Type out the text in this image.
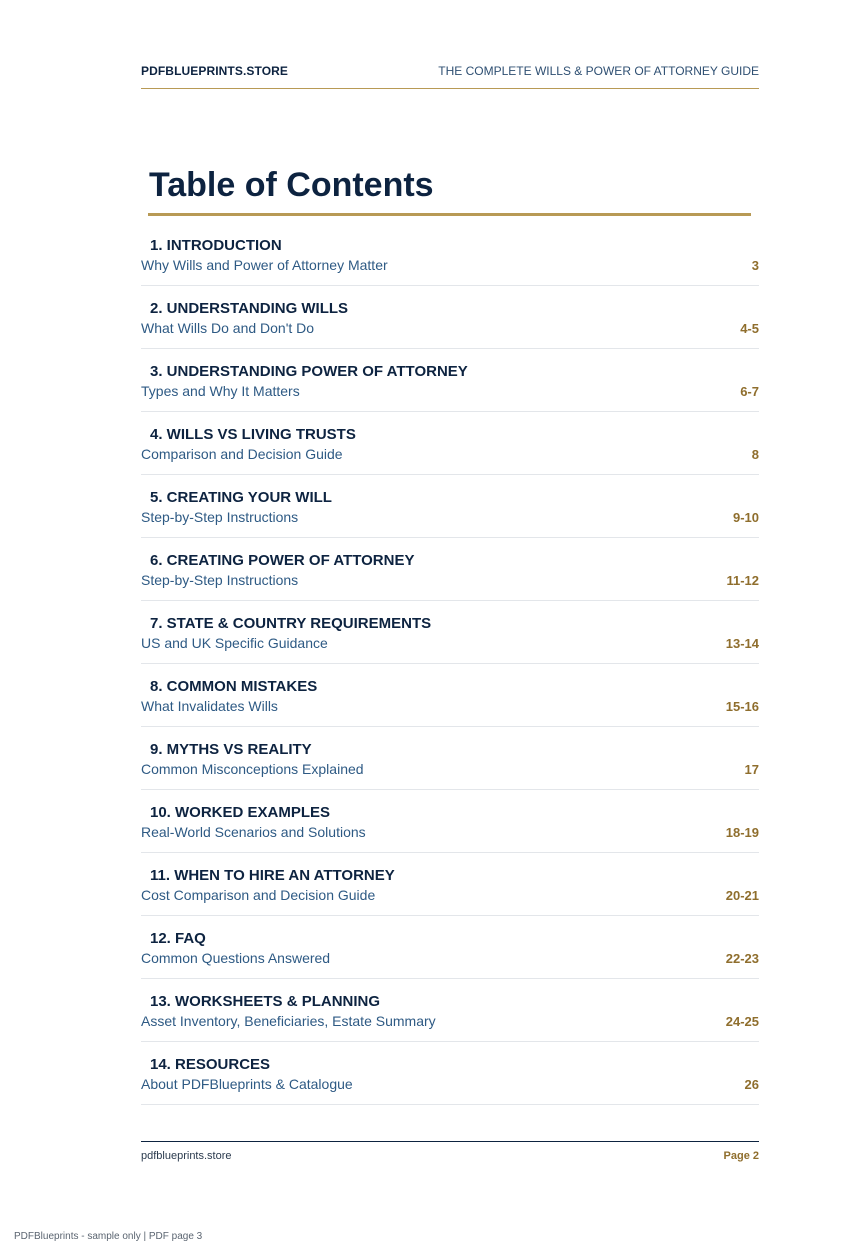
PDFBLUEPRINTS.STORE	THE COMPLETE WILLS & POWER OF ATTORNEY GUIDE
Table of Contents
1. INTRODUCTION
Why Wills and Power of Attorney Matter	3
2. UNDERSTANDING WILLS
What Wills Do and Don't Do	4-5
3. UNDERSTANDING POWER OF ATTORNEY
Types and Why It Matters	6-7
4. WILLS VS LIVING TRUSTS
Comparison and Decision Guide	8
5. CREATING YOUR WILL
Step-by-Step Instructions	9-10
6. CREATING POWER OF ATTORNEY
Step-by-Step Instructions	11-12
7. STATE & COUNTRY REQUIREMENTS
US and UK Specific Guidance	13-14
8. COMMON MISTAKES
What Invalidates Wills	15-16
9. MYTHS VS REALITY
Common Misconceptions Explained	17
10. WORKED EXAMPLES
Real-World Scenarios and Solutions	18-19
11. WHEN TO HIRE AN ATTORNEY
Cost Comparison and Decision Guide	20-21
12. FAQ
Common Questions Answered	22-23
13. WORKSHEETS & PLANNING
Asset Inventory, Beneficiaries, Estate Summary	24-25
14. RESOURCES
About PDFBlueprints & Catalogue	26
pdfblueprints.store	Page 2
PDFBlueprints - sample only | PDF page 3
